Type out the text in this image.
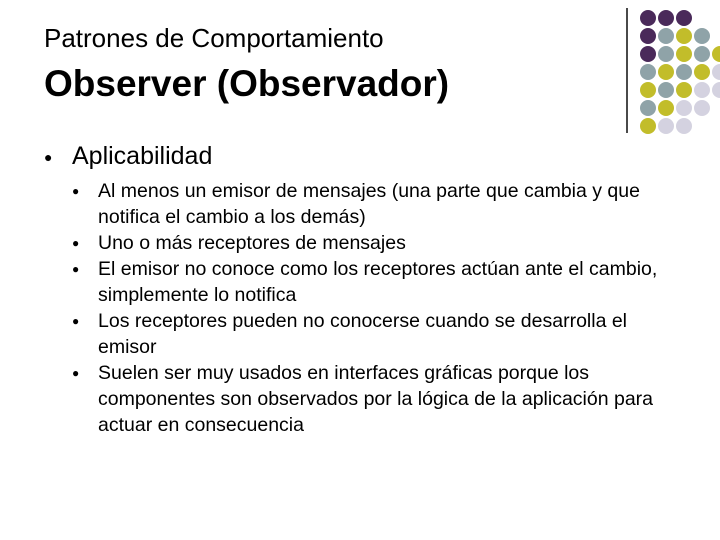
Patrones de Comportamiento
Observer (Observador)
● Aplicabilidad
● Al menos un emisor de mensajes (una parte que cambia y que notifica el cambio a los demás)
● Uno o más receptores de mensajes
● El emisor no conoce como los receptores actúan ante el cambio, simplemente lo notifica
● Los receptores pueden no conocerse cuando se desarrolla el emisor
● Suelen ser muy usados en interfaces gráficas porque los componentes son observados por la lógica de la aplicación para actuar en consecuencia
